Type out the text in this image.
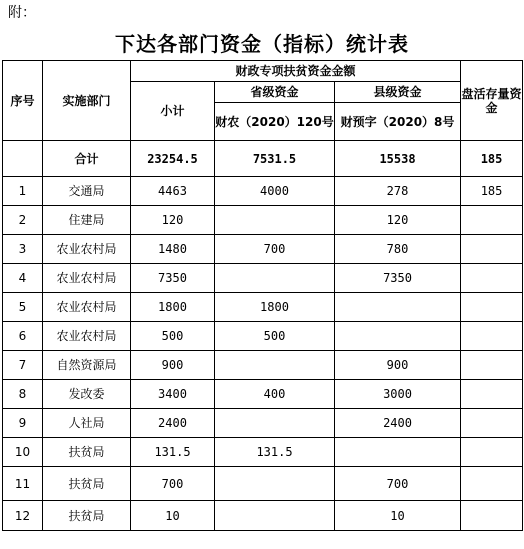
附：
下达各部门资金（指标）统计表
序号	实施部门	财政专项扶贫资金金额			盘活存量资金
		小计	省级资金	县级资金	
			财农（2020）120号	财预字（2020）8号	
	合计	23254.5	7531.5	15538	185
1	交通局	4463	4000	278	185
2	住建局	120		120	
3	农业农村局	1480	700	780	
4	农业农村局	7350		7350	
5	农业农村局	1800	1800		
6	农业农村局	500	500		
7	自然资源局	900		900	
8	发改委	3400	400	3000	
9	人社局	2400		2400	
10	扶贫局	131.5	131.5		
11	扶贫局	700		700	
12	扶贫局	10		10	
